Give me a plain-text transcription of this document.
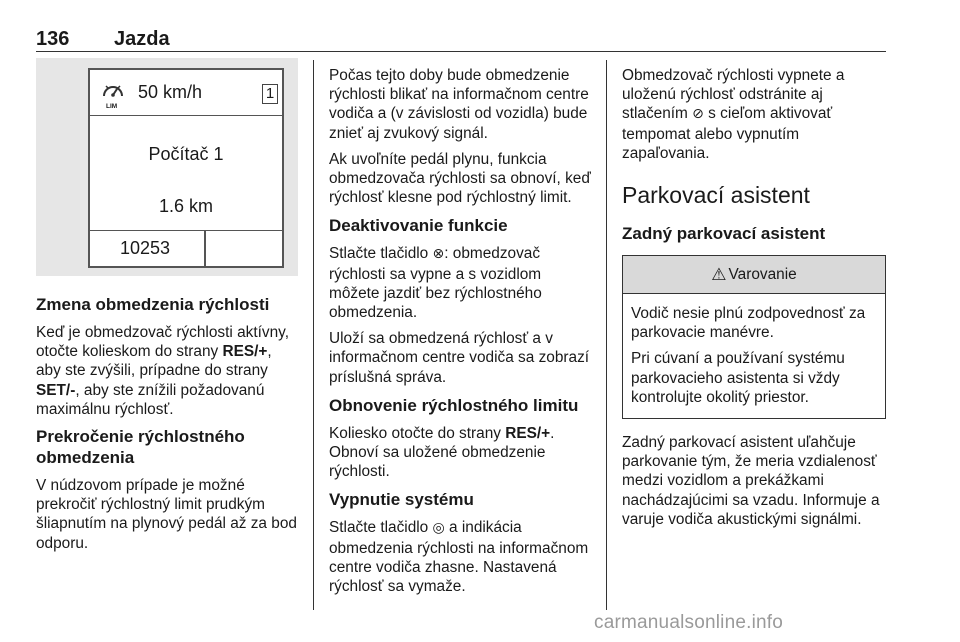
136 Jazda
LIM
50 km/h	1
Počítač 1
1.6 km
10253
Zmena obmedzenia rýchlosti

Keď je obmedzovač rýchlosti aktívny, otočte kolieskom do strany RES/+, aby ste zvýšili, prípadne do strany SET/-, aby ste znížili požadovanú maximálnu rýchlosť.

Prekročenie rýchlostného obmedzenia

V núdzovom prípade je možné prekročiť rýchlostný limit prudkým šliapnutím na plynový pedál až za bod odporu.

Počas tejto doby bude obmedzenie rýchlosti blikať na informačnom centre vodiča a (v závislosti od vozidla) bude znieť aj zvukový signál.

Ak uvoľníte pedál plynu, funkcia obmedzovača rýchlosti sa obnoví, keď rýchlosť klesne pod rýchlostný limit.

Deaktivovanie funkcie

Stlačte tlačidlo ⊗: obmedzovač rýchlosti sa vypne a s vozidlom môžete jazdiť bez rýchlostného obmedzenia.

Uloží sa obmedzená rýchlosť a v informačnom centre vodiča sa zobrazí príslušná správa.

Obnovenie rýchlostného limitu

Koliesko otočte do strany RES/+. Obnoví sa uložené obmedzenie rýchlosti.

Vypnutie systému

Stlačte tlačidlo ◎ a indikácia obmedzenia rýchlosti na informačnom centre vodiča zhasne. Nastavená rýchlosť sa vymaže.

Obmedzovač rýchlosti vypnete a uloženú rýchlosť odstránite aj stlačením ⊘ s cieľom aktivovať tempomat alebo vypnutím zapaľovania.

Parkovací asistent
Zadný parkovací asistent
⚠ Varovanie

Vodič nesie plnú zodpovednosť za parkovacie manévre.

Pri cúvaní a používaní systému parkovacieho asistenta si vždy kontrolujte okolitý priestor.

Zadný parkovací asistent uľahčuje parkovanie tým, že meria vzdialenosť medzi vozidlom a prekážkami nachádzajúcimi sa vzadu. Informuje a varuje vodiča akustickými signálmi.

carmanualsonline.info
